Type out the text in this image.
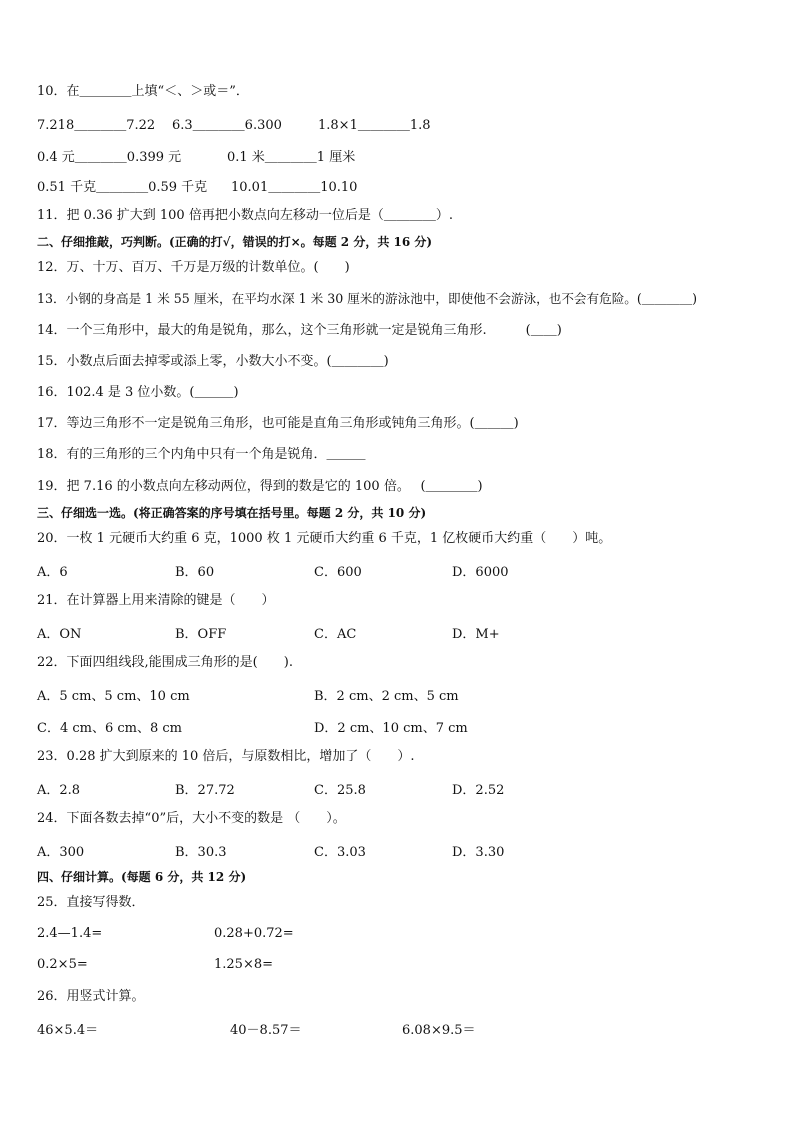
10．在＿＿＿＿上填“＜、＞或＝”．
7.218＿＿＿＿7.22 6.3＿＿＿＿6.300	1.8×1＿＿＿＿1.8
0.4 元＿＿＿＿0.399 元	0.1 米＿＿＿＿1 厘米
0.51 千克＿＿＿＿0.59 千克 10.01＿＿＿＿10.10
11．把 0.36 扩大到 100 倍再把小数点向左移动一位后是（＿＿＿＿）.
二、仔细推敲，巧判断。(正确的打√，错误的打×。每题 2 分，共 16 分)
12．万、十万、百万、千万是万级的计数单位。(　　)
13．小钢的身高是 1 米 55 厘米，在平均水深 1 米 30 厘米的游泳池中，即使他不会游泳，也不会有危险。(＿＿＿＿)
14．一个三角形中，最大的角是锐角，那么，这个三角形就一定是锐角三角形.　　　(＿＿)
15．小数点后面去掉零或添上零，小数大小不变。(＿＿＿＿)
16．102.4 是 3 位小数。(＿＿＿)
17．等边三角形不一定是锐角三角形，也可能是直角三角形或钝角三角形。(＿＿＿)
18．有的三角形的三个内角中只有一个角是锐角．＿＿＿
19．把 7.16 的小数点向左移动两位，得到的数是它的 100 倍。　 (＿＿＿＿)
三、仔细选一选。(将正确答案的序号填在括号里。每题 2 分，共 10 分)
20．一枚 1 元硬币大约重 6 克，1000 枚 1 元硬币大约重 6 千克，1 亿枚硬币大约重（　　）吨。
A．6	B．60	C．600	D．6000
21．在计算器上用来清除的键是（　　）
A．ON	B．OFF	C．AC	D．M+
22．下面四组线段,能围成三角形的是(　　).
A．5 cm、5 cm、10 cm	B．2 cm、2 cm、5 cm
C．4 cm、6 cm、8 cm	D．2 cm、10 cm、7 cm
23．0.28 扩大到原来的 10 倍后，与原数相比，增加了（　　）.
A．2.8	B．27.72	C．25.8	D．2.52
24．下面各数去掉“0”后，大小不变的数是 （　　）。
A．300	B．30.3	C．3.03	D．3.30
四、仔细计算。(每题 6 分，共 12 分)
25．直接写得数．
2.4—1.4=	0.28+0.72=
0.2×5=	1.25×8=
26．用竖式计算。
46×5.4＝	40－8.57＝	6.08×9.5＝
